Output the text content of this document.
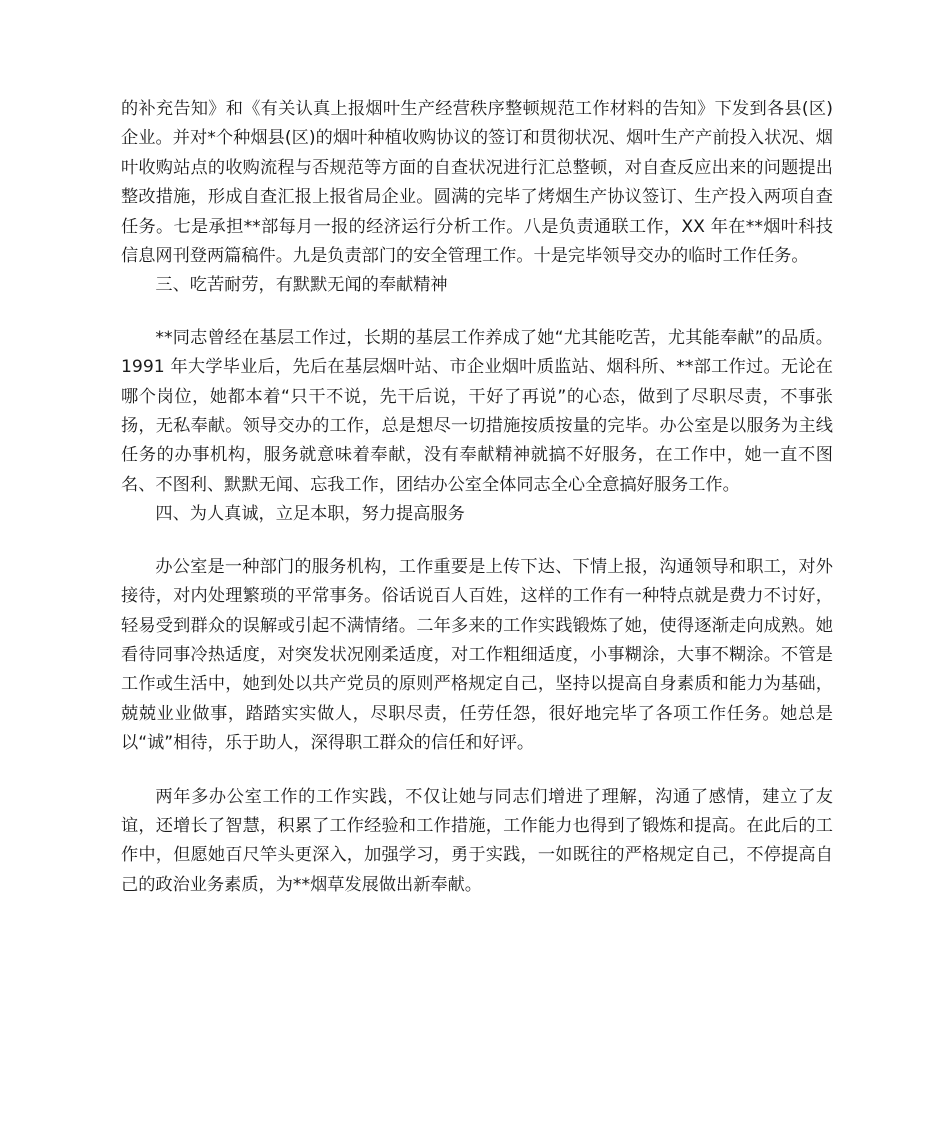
的补充告知》和《有关认真上报烟叶生产经营秩序整顿规范工作材料的告知》下发到各县(区)企业。并对*个种烟县(区)的烟叶种植收购协议的签订和贯彻状况、烟叶生产产前投入状况、烟叶收购站点的收购流程与否规范等方面的自查状况进行汇总整顿，对自查反应出来的问题提出整改措施，形成自查汇报上报省局企业。圆满的完毕了烤烟生产协议签订、生产投入两项自查任务。七是承担**部每月一报的经济运行分析工作。八是负责通联工作，XX 年在**烟叶科技信息网刊登两篇稿件。九是负责部门的安全管理工作。十是完毕领导交办的临时工作任务。

三、吃苦耐劳，有默默无闻的奉献精神

**同志曾经在基层工作过，长期的基层工作养成了她“尤其能吃苦，尤其能奉献”的品质。1991 年大学毕业后，先后在基层烟叶站、市企业烟叶质监站、烟科所、**部工作过。无论在哪个岗位，她都本着“只干不说，先干后说，干好了再说”的心态，做到了尽职尽责，不事张扬，无私奉献。领导交办的工作，总是想尽一切措施按质按量的完毕。办公室是以服务为主线任务的办事机构，服务就意味着奉献，没有奉献精神就搞不好服务，在工作中，她一直不图名、不图利、默默无闻、忘我工作，团结办公室全体同志全心全意搞好服务工作。

四、为人真诚，立足本职，努力提高服务

办公室是一种部门的服务机构，工作重要是上传下达、下情上报，沟通领导和职工，对外接待，对内处理繁琐的平常事务。俗话说百人百姓，这样的工作有一种特点就是费力不讨好，轻易受到群众的误解或引起不满情绪。二年多来的工作实践锻炼了她，使得逐渐走向成熟。她看待同事冷热适度，对突发状况刚柔适度，对工作粗细适度，小事糊涂，大事不糊涂。不管是工作或生活中，她到处以共产党员的原则严格规定自己，坚持以提高自身素质和能力为基础，兢兢业业做事，踏踏实实做人，尽职尽责，任劳任怨，很好地完毕了各项工作任务。她总是以“诚”相待，乐于助人，深得职工群众的信任和好评。

两年多办公室工作的工作实践，不仅让她与同志们增进了理解，沟通了感情，建立了友谊，还增长了智慧，积累了工作经验和工作措施，工作能力也得到了锻炼和提高。在此后的工作中，但愿她百尺竿头更深入，加强学习，勇于实践，一如既往的严格规定自己，不停提高自己的政治业务素质，为**烟草发展做出新奉献。
